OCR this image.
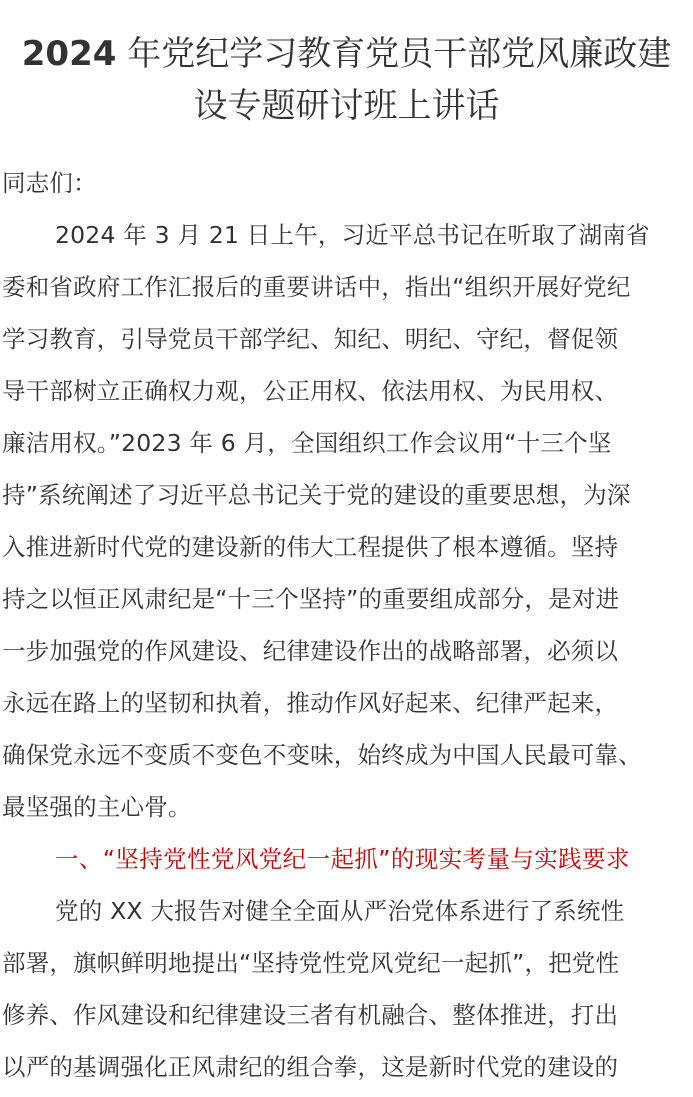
2024 年党纪学习教育党员干部党风廉政建
设专题研讨班上讲话
同志们：
2024 年 3 月 21 日上午，习近平总书记在听取了湖南省
委和省政府工作汇报后的重要讲话中，指出“组织开展好党纪
学习教育，引导党员干部学纪、知纪、明纪、守纪，督促领
导干部树立正确权力观，公正用权、依法用权、为民用权、
廉洁用权。”2023 年 6 月，全国组织工作会议用“十三个坚
持”系统阐述了习近平总书记关于党的建设的重要思想，为深
入推进新时代党的建设新的伟大工程提供了根本遵循。坚持
持之以恒正风肃纪是“十三个坚持”的重要组成部分，是对进
一步加强党的作风建设、纪律建设作出的战略部署，必须以
永远在路上的坚韧和执着，推动作风好起来、纪律严起来，
确保党永远不变质不变色不变味，始终成为中国人民最可靠、
最坚强的主心骨。
一、“坚持党性党风党纪一起抓”的现实考量与实践要求
党的 XX 大报告对健全全面从严治党体系进行了系统性
部署，旗帜鲜明地提出“坚持党性党风党纪一起抓”，把党性
修养、作风建设和纪律建设三者有机融合、整体推进，打出
以严的基调强化正风肃纪的组合拳，这是新时代党的建设的
